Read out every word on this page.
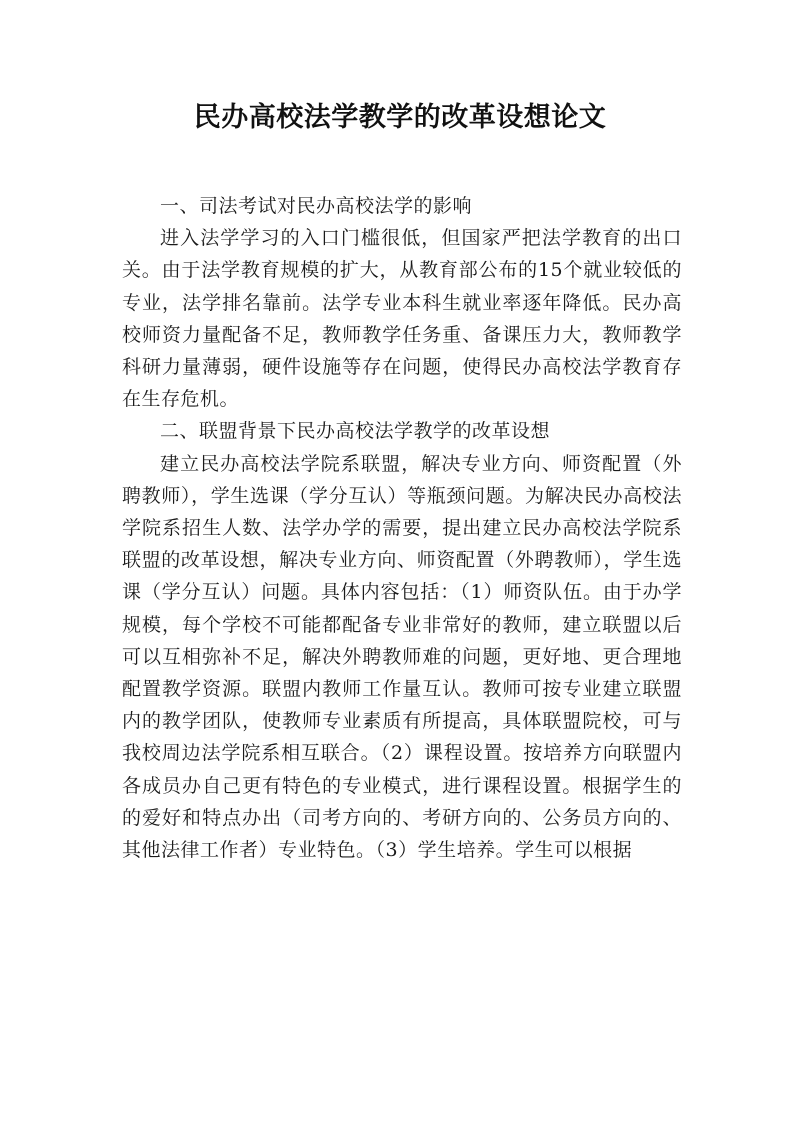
民办高校法学教学的改革设想论文

一、司法考试对民办高校法学的影响

进入法学学习的入口门槛很低，但国家严把法学教育的出口关。由于法学教育规模的扩大，从教育部公布的15个就业较低的专业，法学排名靠前。法学专业本科生就业率逐年降低。民办高校师资力量配备不足，教师教学任务重、备课压力大，教师教学科研力量薄弱，硬件设施等存在问题，使得民办高校法学教育存在生存危机。

二、联盟背景下民办高校法学教学的改革设想

建立民办高校法学院系联盟，解决专业方向、师资配置（外聘教师），学生选课（学分互认）等瓶颈问题。为解决民办高校法学院系招生人数、法学办学的需要，提出建立民办高校法学院系联盟的改革设想，解决专业方向、师资配置（外聘教师），学生选课（学分互认）问题。具体内容包括：（1）师资队伍。由于办学规模，每个学校不可能都配备专业非常好的教师，建立联盟以后可以互相弥补不足，解决外聘教师难的问题，更好地、更合理地配置教学资源。联盟内教师工作量互认。教师可按专业建立联盟内的教学团队，使教师专业素质有所提高，具体联盟院校，可与我校周边法学院系相互联合。（2）课程设置。按培养方向联盟内各成员办自己更有特色的专业模式，进行课程设置。根据学生的的爱好和特点办出（司考方向的、考研方向的、公务员方向的、其他法律工作者）专业特色。（3）学生培养。学生可以根据
